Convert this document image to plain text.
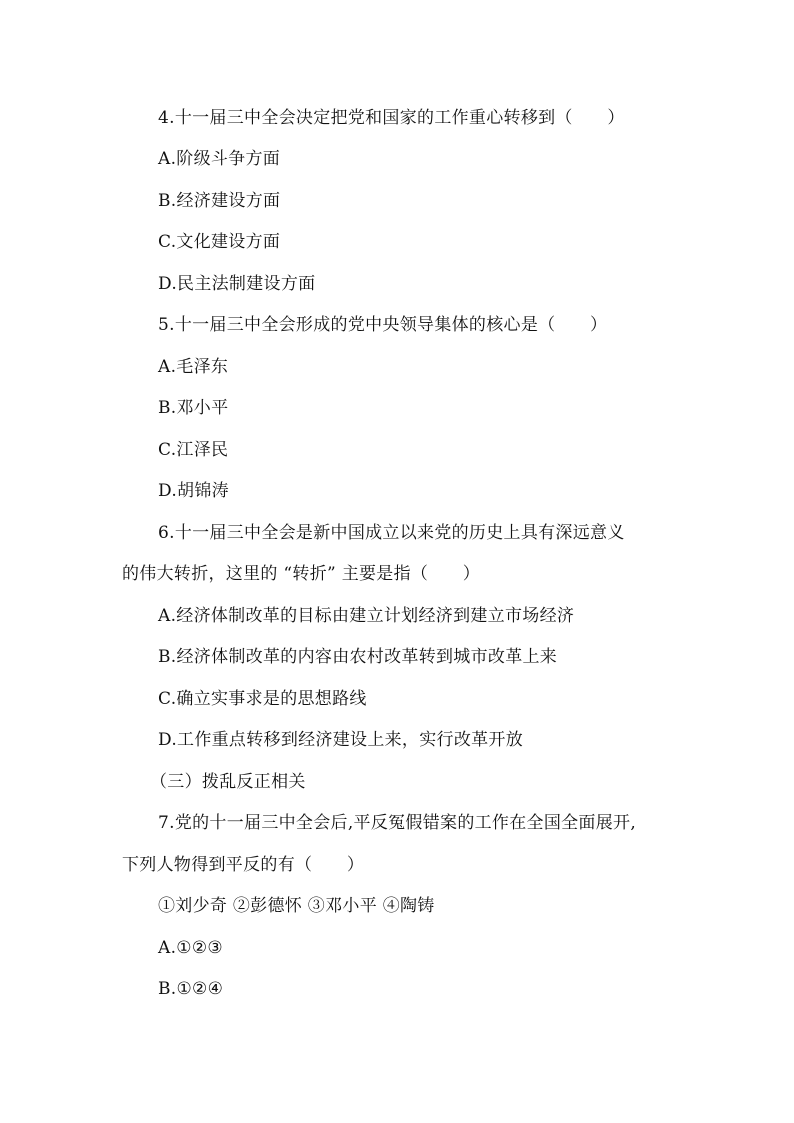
4.十一届三中全会决定把党和国家的工作重心转移到（　　）
A.阶级斗争方面
B.经济建设方面
C.文化建设方面
D.民主法制建设方面
5.十一届三中全会形成的党中央领导集体的核心是（　　）
A.毛泽东
B.邓小平
C.江泽民
D.胡锦涛
6.十一届三中全会是新中国成立以来党的历史上具有深远意义
的伟大转折，这里的 “转折” 主要是指（　　）
A.经济体制改革的目标由建立计划经济到建立市场经济
B.经济体制改革的内容由农村改革转到城市改革上来
C.确立实事求是的思想路线
D.工作重点转移到经济建设上来，实行改革开放
（三）拨乱反正相关
7.党的十一届三中全会后,平反冤假错案的工作在全国全面展开,
下列人物得到平反的有（　　）
①刘少奇 ②彭德怀 ③邓小平 ④陶铸
A.①②③
B.①②④
